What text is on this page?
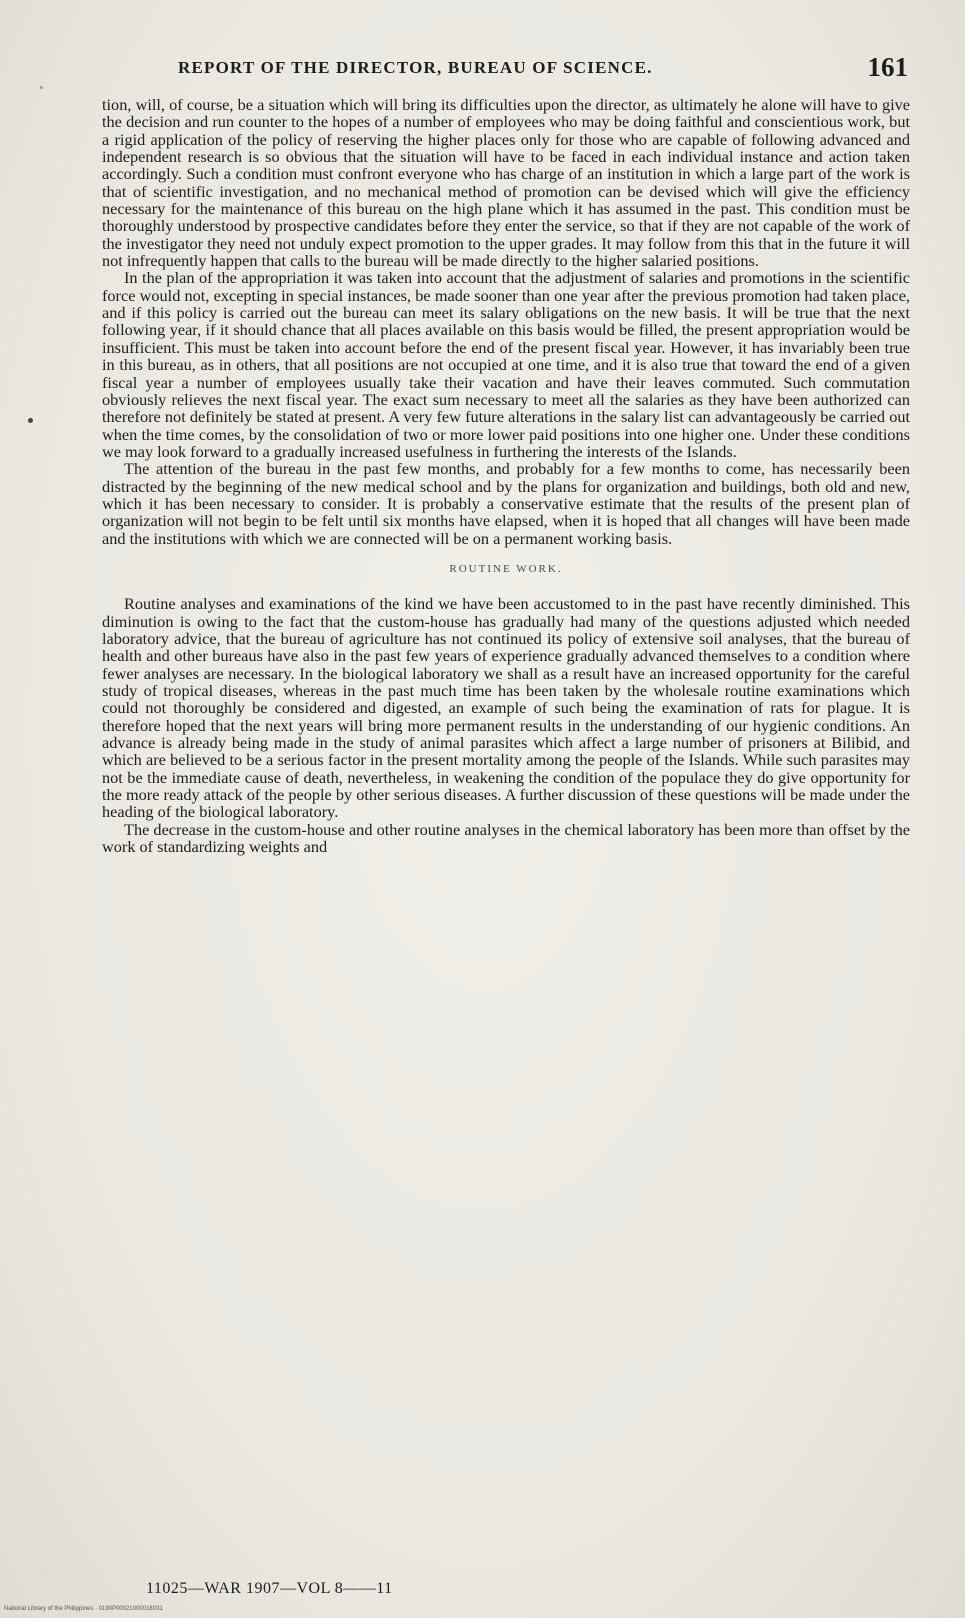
REPORT OF THE DIRECTOR, BUREAU OF SCIENCE.	161

tion, will, of course, be a situation which will bring its difficulties upon the director, as ultimately he alone will have to give the decision and run counter to the hopes of a number of employees who may be doing faithful and conscientious work, but a rigid application of the policy of reserving the higher places only for those who are capable of following advanced and independent research is so obvious that the situation will have to be faced in each individual instance and action taken accordingly. Such a condition must confront everyone who has charge of an institution in which a large part of the work is that of scientific investigation, and no mechanical method of promotion can be devised which will give the efficiency necessary for the maintenance of this bureau on the high plane which it has assumed in the past. This condition must be thoroughly understood by prospective candidates before they enter the service, so that if they are not capable of the work of the investigator they need not unduly expect promotion to the upper grades. It may follow from this that in the future it will not infrequently happen that calls to the bureau will be made directly to the higher salaried positions.

In the plan of the appropriation it was taken into account that the adjustment of salaries and promotions in the scientific force would not, excepting in special instances, be made sooner than one year after the previous promotion had taken place, and if this policy is carried out the bureau can meet its salary obligations on the new basis. It will be true that the next following year, if it should chance that all places available on this basis would be filled, the present appropriation would be insufficient. This must be taken into account before the end of the present fiscal year. However, it has invariably been true in this bureau, as in others, that all positions are not occupied at one time, and it is also true that toward the end of a given fiscal year a number of employees usually take their vacation and have their leaves commuted. Such commutation obviously relieves the next fiscal year. The exact sum necessary to meet all the salaries as they have been authorized can therefore not definitely be stated at present. A very few future alterations in the salary list can advantageously be carried out when the time comes, by the consolidation of two or more lower paid positions into one higher one. Under these conditions we may look forward to a gradually increased usefulness in furthering the interests of the Islands.

The attention of the bureau in the past few months, and probably for a few months to come, has necessarily been distracted by the beginning of the new medical school and by the plans for organization and buildings, both old and new, which it has been necessary to consider. It is probably a conservative estimate that the results of the present plan of organization will not begin to be felt until six months have elapsed, when it is hoped that all changes will have been made and the institutions with which we are connected will be on a permanent working basis.

ROUTINE WORK.

Routine analyses and examinations of the kind we have been accustomed to in the past have recently diminished. This diminution is owing to the fact that the custom-house has gradually had many of the questions adjusted which needed laboratory advice, that the bureau of agriculture has not continued its policy of extensive soil analyses, that the bureau of health and other bureaus have also in the past few years of experience gradually advanced themselves to a condition where fewer analyses are necessary. In the biological laboratory we shall as a result have an increased opportunity for the careful study of tropical diseases, whereas in the past much time has been taken by the wholesale routine examinations which could not thoroughly be considered and digested, an example of such being the examination of rats for plague. It is therefore hoped that the next years will bring more permanent results in the understanding of our hygienic conditions. An advance is already being made in the study of animal parasites which affect a large number of prisoners at Bilibid, and which are believed to be a serious factor in the present mortality among the people of the Islands. While such parasites may not be the immediate cause of death, nevertheless, in weakening the condition of the populace they do give opportunity for the more ready attack of the people by other serious diseases. A further discussion of these questions will be made under the heading of the biological laboratory.

The decrease in the custom-house and other routine analyses in the chemical laboratory has been more than offset by the work of standardizing weights and

11025—WAR 1907—VOL 8——11
National Library of the Philippines · 0190P00021000018031
